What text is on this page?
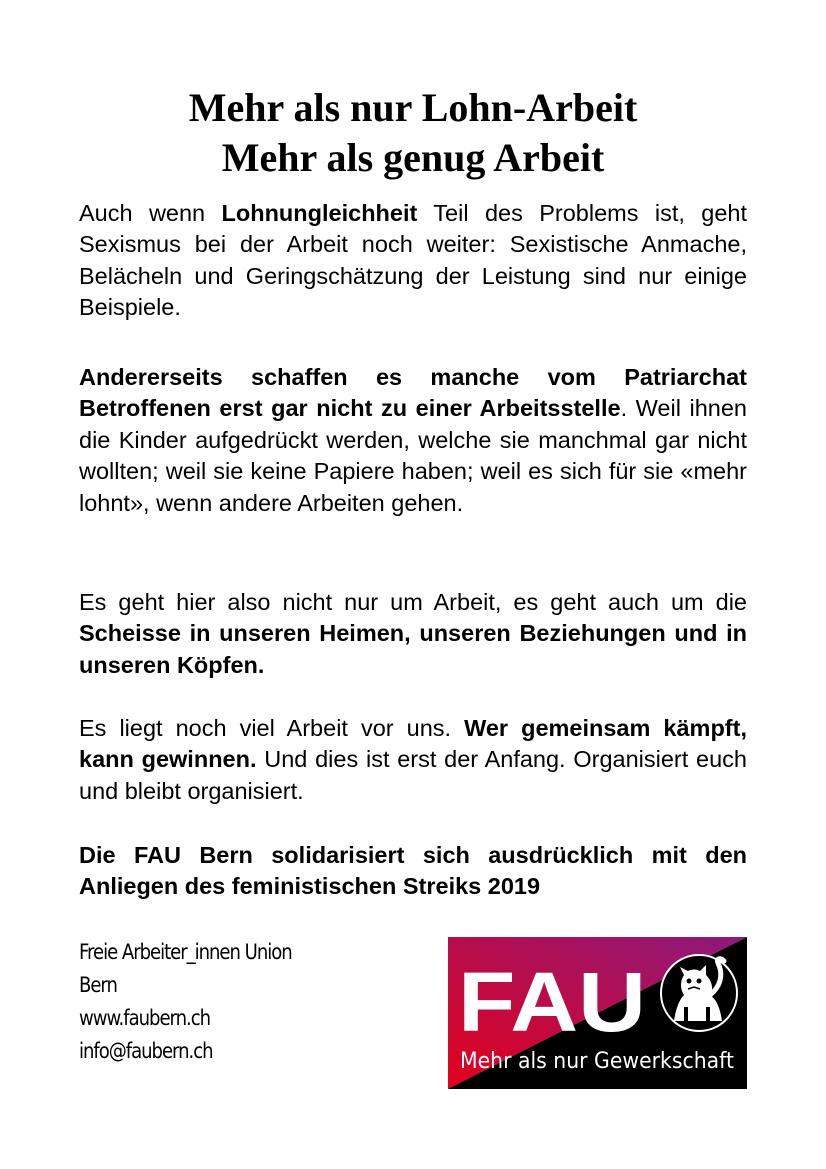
Mehr als nur Lohn-Arbeit
Mehr als genug Arbeit

Auch wenn Lohnungleichheit Teil des Problems ist, geht Sexismus bei der Arbeit noch weiter: Sexistische Anmache, Belächeln und Geringschätzung der Leistung sind nur einige Beispiele.

Andererseits schaffen es manche vom Patriarchat Betroffenen erst gar nicht zu einer Arbeitsstelle. Weil ihnen die Kinder aufgedrückt werden, welche sie manchmal gar nicht wollten; weil sie keine Papiere haben; weil es sich für sie «mehr lohnt», wenn andere Arbeiten gehen.

Es geht hier also nicht nur um Arbeit, es geht auch um die Scheisse in unseren Heimen, unseren Beziehungen und in unseren Köpfen.

Es liegt noch viel Arbeit vor uns. Wer gemeinsam kämpft, kann gewinnen. Und dies ist erst der Anfang. Organisiert euch und bleibt organisiert.

Die FAU Bern solidarisiert sich ausdrücklich mit den Anliegen des feministischen Streiks 2019

Freie Arbeiter_innen Union
Bern
www.faubern.ch
info@faubern.ch
FAU
Mehr als nur Gewerkschaft
